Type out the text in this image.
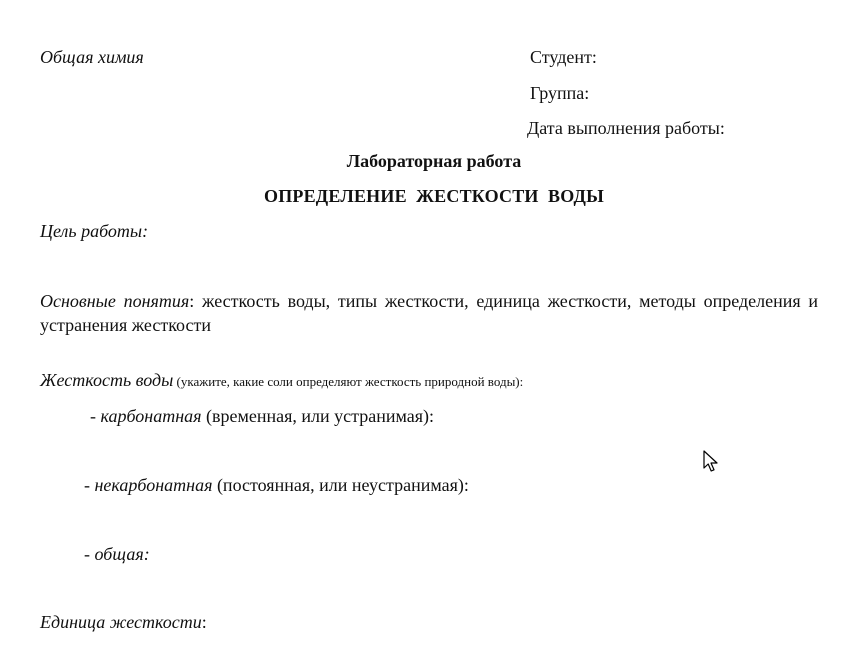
Общая химия	Студент:
Группа:
Дата выполнения работы:
Лабораторная работа
ОПРЕДЕЛЕНИЕ  ЖЕСТКОСТИ  ВОДЫ
Цель работы:
Основные понятия: жесткость воды, типы жесткости, единица жесткости, методы определения и устранения жесткости
Жесткость воды (укажите, какие соли определяют жесткость природной воды):
- карбонатная (временная, или устранимая):
- некарбонатная (постоянная, или неустранимая):
- общая:
Единица жесткости:
